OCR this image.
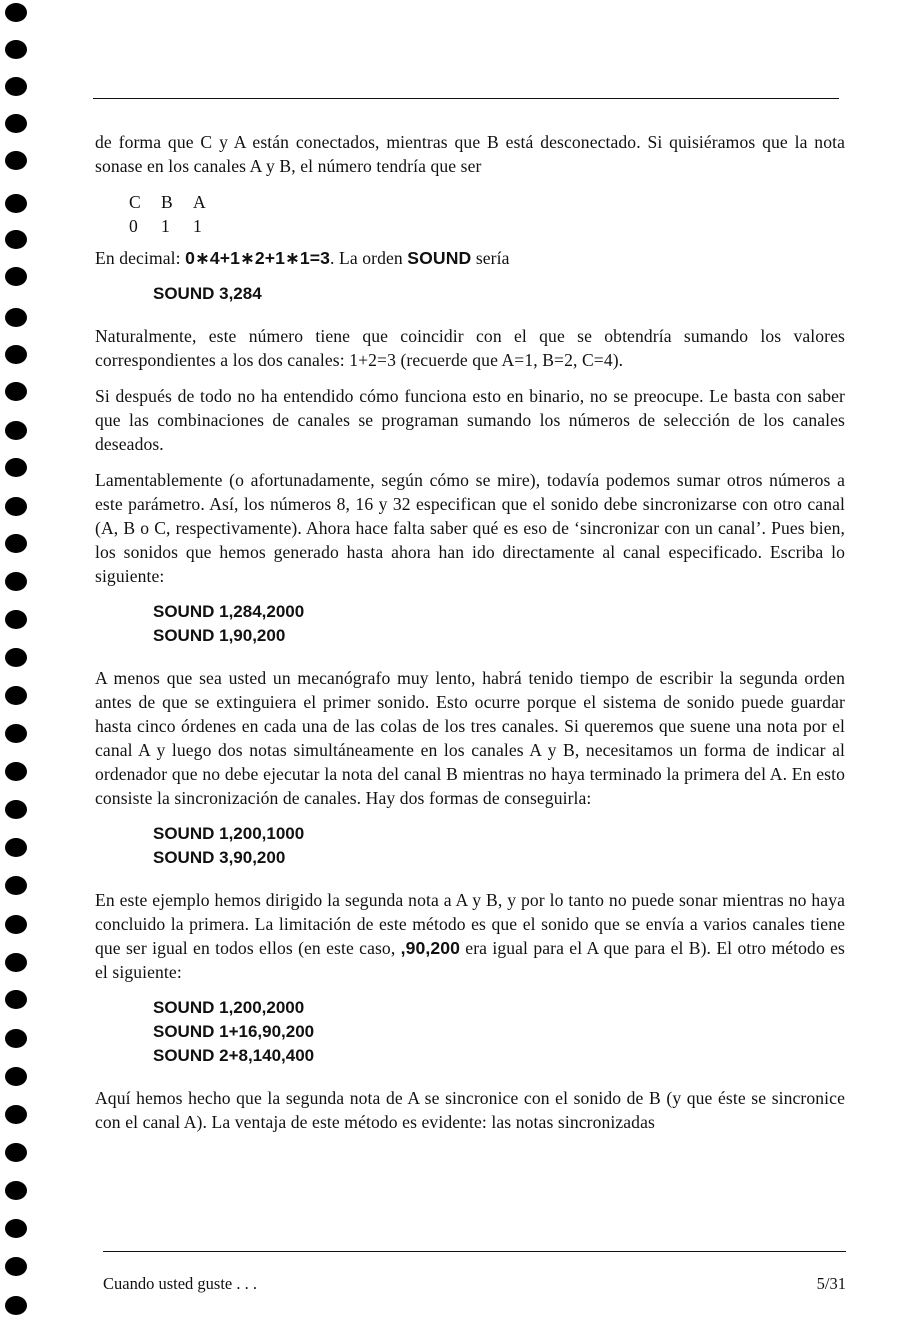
de forma que C y A están conectados, mientras que B está desconectado. Si quisiéramos que la nota sonase en los canales A y B, el número tendría que ser

C	B	A
0	1	1

En decimal: 0∗4+1∗2+1∗1=3. La orden SOUND sería

SOUND 3,284

Naturalmente, este número tiene que coincidir con el que se obtendría sumando los valores correspondientes a los dos canales: 1+2=3 (recuerde que A=1, B=2, C=4).

Si después de todo no ha entendido cómo funciona esto en binario, no se preocupe. Le basta con saber que las combinaciones de canales se programan sumando los números de selección de los canales deseados.

Lamentablemente (o afortunadamente, según cómo se mire), todavía podemos sumar otros números a este parámetro. Así, los números 8, 16 y 32 especifican que el sonido debe sincronizarse con otro canal (A, B o C, respectivamente). Ahora hace falta saber qué es eso de ‘sincronizar con un canal’. Pues bien, los sonidos que hemos generado hasta ahora han ido directamente al canal especificado. Escriba lo siguiente:

SOUND 1,284,2000
SOUND 1,90,200

A menos que sea usted un mecanógrafo muy lento, habrá tenido tiempo de escribir la segunda orden antes de que se extinguiera el primer sonido. Esto ocurre porque el sistema de sonido puede guardar hasta cinco órdenes en cada una de las colas de los tres canales. Si queremos que suene una nota por el canal A y luego dos notas simultáneamente en los canales A y B, necesitamos un forma de indicar al ordenador que no debe ejecutar la nota del canal B mientras no haya terminado la primera del A. En esto consiste la sincronización de canales. Hay dos formas de conseguirla:

SOUND 1,200,1000
SOUND 3,90,200

En este ejemplo hemos dirigido la segunda nota a A y B, y por lo tanto no puede sonar mientras no haya concluido la primera. La limitación de este método es que el sonido que se envía a varios canales tiene que ser igual en todos ellos (en este caso, ,90,200 era igual para el A que para el B). El otro método es el siguiente:

SOUND 1,200,2000
SOUND 1+16,90,200
SOUND 2+8,140,400

Aquí hemos hecho que la segunda nota de A se sincronice con el sonido de B (y que éste se sincronice con el canal A). La ventaja de este método es evidente: las notas sincronizadas

Cuando usted guste . . .	5/31
